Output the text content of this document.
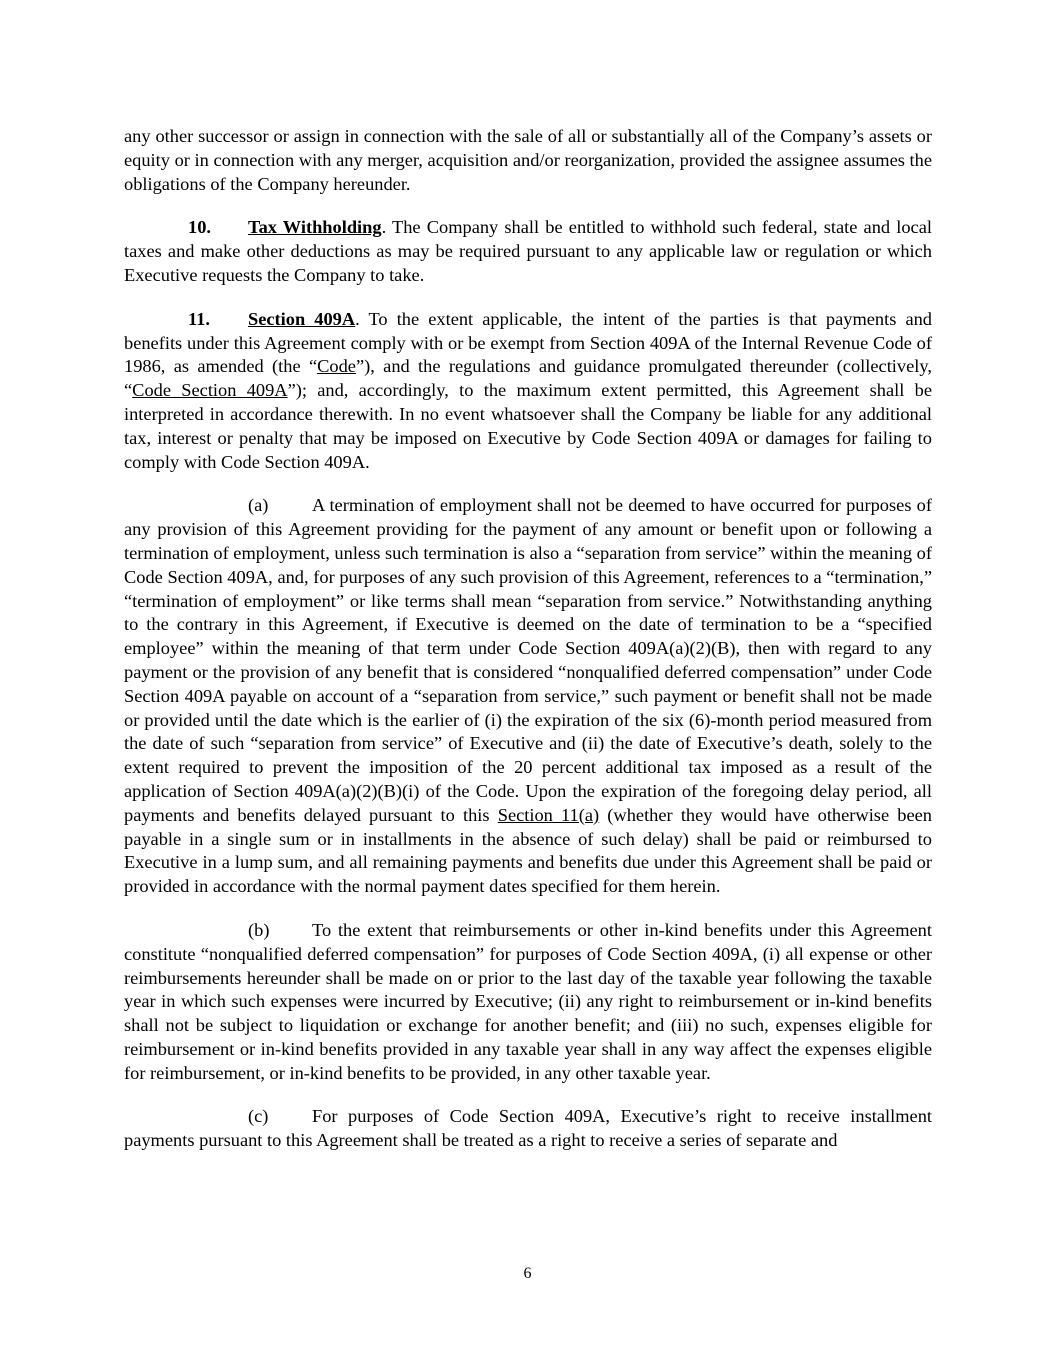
any other successor or assign in connection with the sale of all or substantially all of the Company’s assets or equity or in connection with any merger, acquisition and/or reorganization, provided the assignee assumes the obligations of the Company hereunder.

10. Tax Withholding. The Company shall be entitled to withhold such federal, state and local taxes and make other deductions as may be required pursuant to any applicable law or regulation or which Executive requests the Company to take.

11. Section 409A. To the extent applicable, the intent of the parties is that payments and benefits under this Agreement comply with or be exempt from Section 409A of the Internal Revenue Code of 1986, as amended (the “Code”), and the regulations and guidance promulgated thereunder (collectively, “Code Section 409A”); and, accordingly, to the maximum extent permitted, this Agreement shall be interpreted in accordance therewith. In no event whatsoever shall the Company be liable for any additional tax, interest or penalty that may be imposed on Executive by Code Section 409A or damages for failing to comply with Code Section 409A.

(a) A termination of employment shall not be deemed to have occurred for purposes of any provision of this Agreement providing for the payment of any amount or benefit upon or following a termination of employment, unless such termination is also a “separation from service” within the meaning of Code Section 409A, and, for purposes of any such provision of this Agreement, references to a “termination,” “termination of employment” or like terms shall mean “separation from service.” Notwithstanding anything to the contrary in this Agreement, if Executive is deemed on the date of termination to be a “specified employee” within the meaning of that term under Code Section 409A(a)(2)(B), then with regard to any payment or the provision of any benefit that is considered “nonqualified deferred compensation” under Code Section 409A payable on account of a “separation from service,” such payment or benefit shall not be made or provided until the date which is the earlier of (i) the expiration of the six (6)-month period measured from the date of such “separation from service” of Executive and (ii) the date of Executive’s death, solely to the extent required to prevent the imposition of the 20 percent additional tax imposed as a result of the application of Section 409A(a)(2)(B)(i) of the Code. Upon the expiration of the foregoing delay period, all payments and benefits delayed pursuant to this Section 11(a) (whether they would have otherwise been payable in a single sum or in installments in the absence of such delay) shall be paid or reimbursed to Executive in a lump sum, and all remaining payments and benefits due under this Agreement shall be paid or provided in accordance with the normal payment dates specified for them herein.

(b) To the extent that reimbursements or other in-kind benefits under this Agreement constitute “nonqualified deferred compensation” for purposes of Code Section 409A, (i) all expense or other reimbursements hereunder shall be made on or prior to the last day of the taxable year following the taxable year in which such expenses were incurred by Executive; (ii) any right to reimbursement or in-kind benefits shall not be subject to liquidation or exchange for another benefit; and (iii) no such, expenses eligible for reimbursement or in-kind benefits provided in any taxable year shall in any way affect the expenses eligible for reimbursement, or in-kind benefits to be provided, in any other taxable year.

(c) For purposes of Code Section 409A, Executive’s right to receive installment payments pursuant to this Agreement shall be treated as a right to receive a series of separate and

6
